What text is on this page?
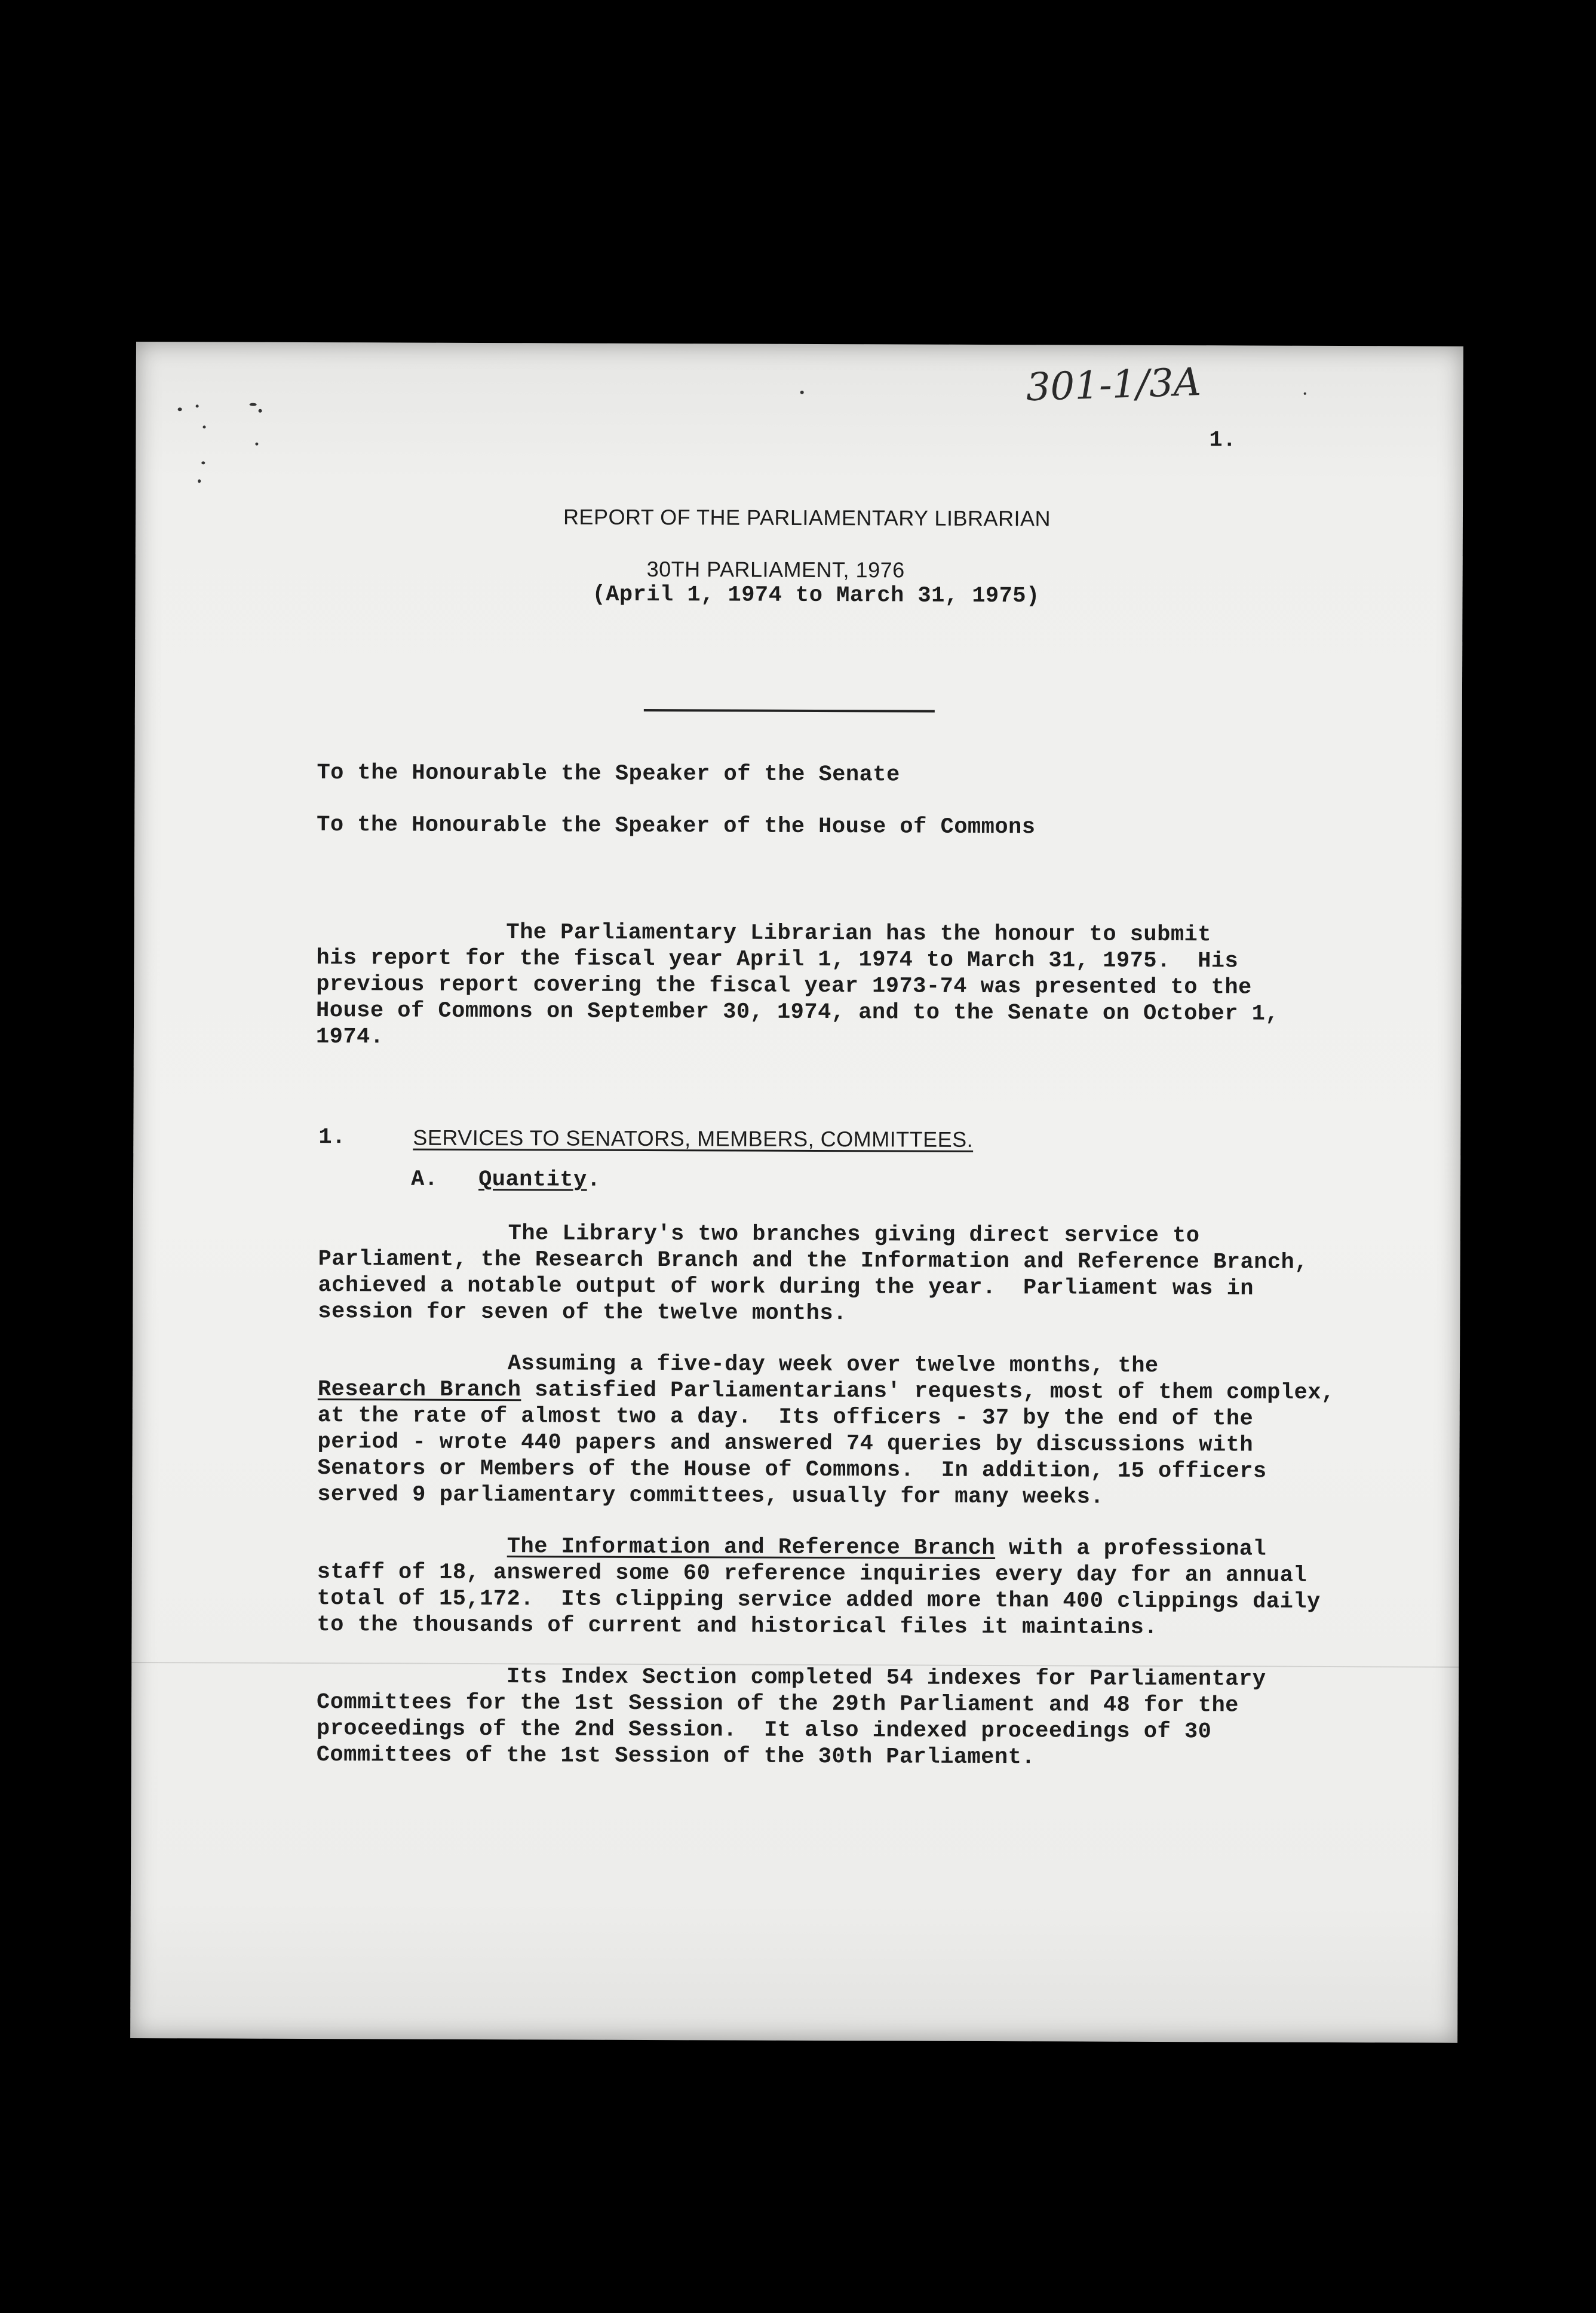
301-1/3A

1.

REPORT OF THE PARLIAMENTARY LIBRARIAN

30TH PARLIAMENT, 1976

(April 1, 1974 to March 31, 1975)

To the Honourable the Speaker of the Senate

To the Honourable the Speaker of the House of Commons

The Parliamentary Librarian has the honour to submit

his report for the fiscal year April 1, 1974 to March 31, 1975.  His

previous report covering the fiscal year 1973-74 was presented to the

House of Commons on September 30, 1974, and to the Senate on October 1,

1974.

1.	SERVICES TO SENATORS, MEMBERS, COMMITTEES.

A. Quantity.

The Library's two branches giving direct service to

Parliament, the Research Branch and the Information and Reference Branch,

achieved a notable output of work during the year.  Parliament was in

session for seven of the twelve months.

Assuming a five-day week over twelve months, the

Research Branch satisfied Parliamentarians' requests, most of them complex,

at the rate of almost two a day.  Its officers - 37 by the end of the

period - wrote 440 papers and answered 74 queries by discussions with

Senators or Members of the House of Commons.  In addition, 15 officers

served 9 parliamentary committees, usually for many weeks.

The Information and Reference Branch with a professional

staff of 18, answered some 60 reference inquiries every day for an annual

total of 15,172.  Its clipping service added more than 400 clippings daily

to the thousands of current and historical files it maintains.

Its Index Section completed 54 indexes for Parliamentary

Committees for the 1st Session of the 29th Parliament and 48 for the

proceedings of the 2nd Session.  It also indexed proceedings of 30

Committees of the 1st Session of the 30th Parliament.
